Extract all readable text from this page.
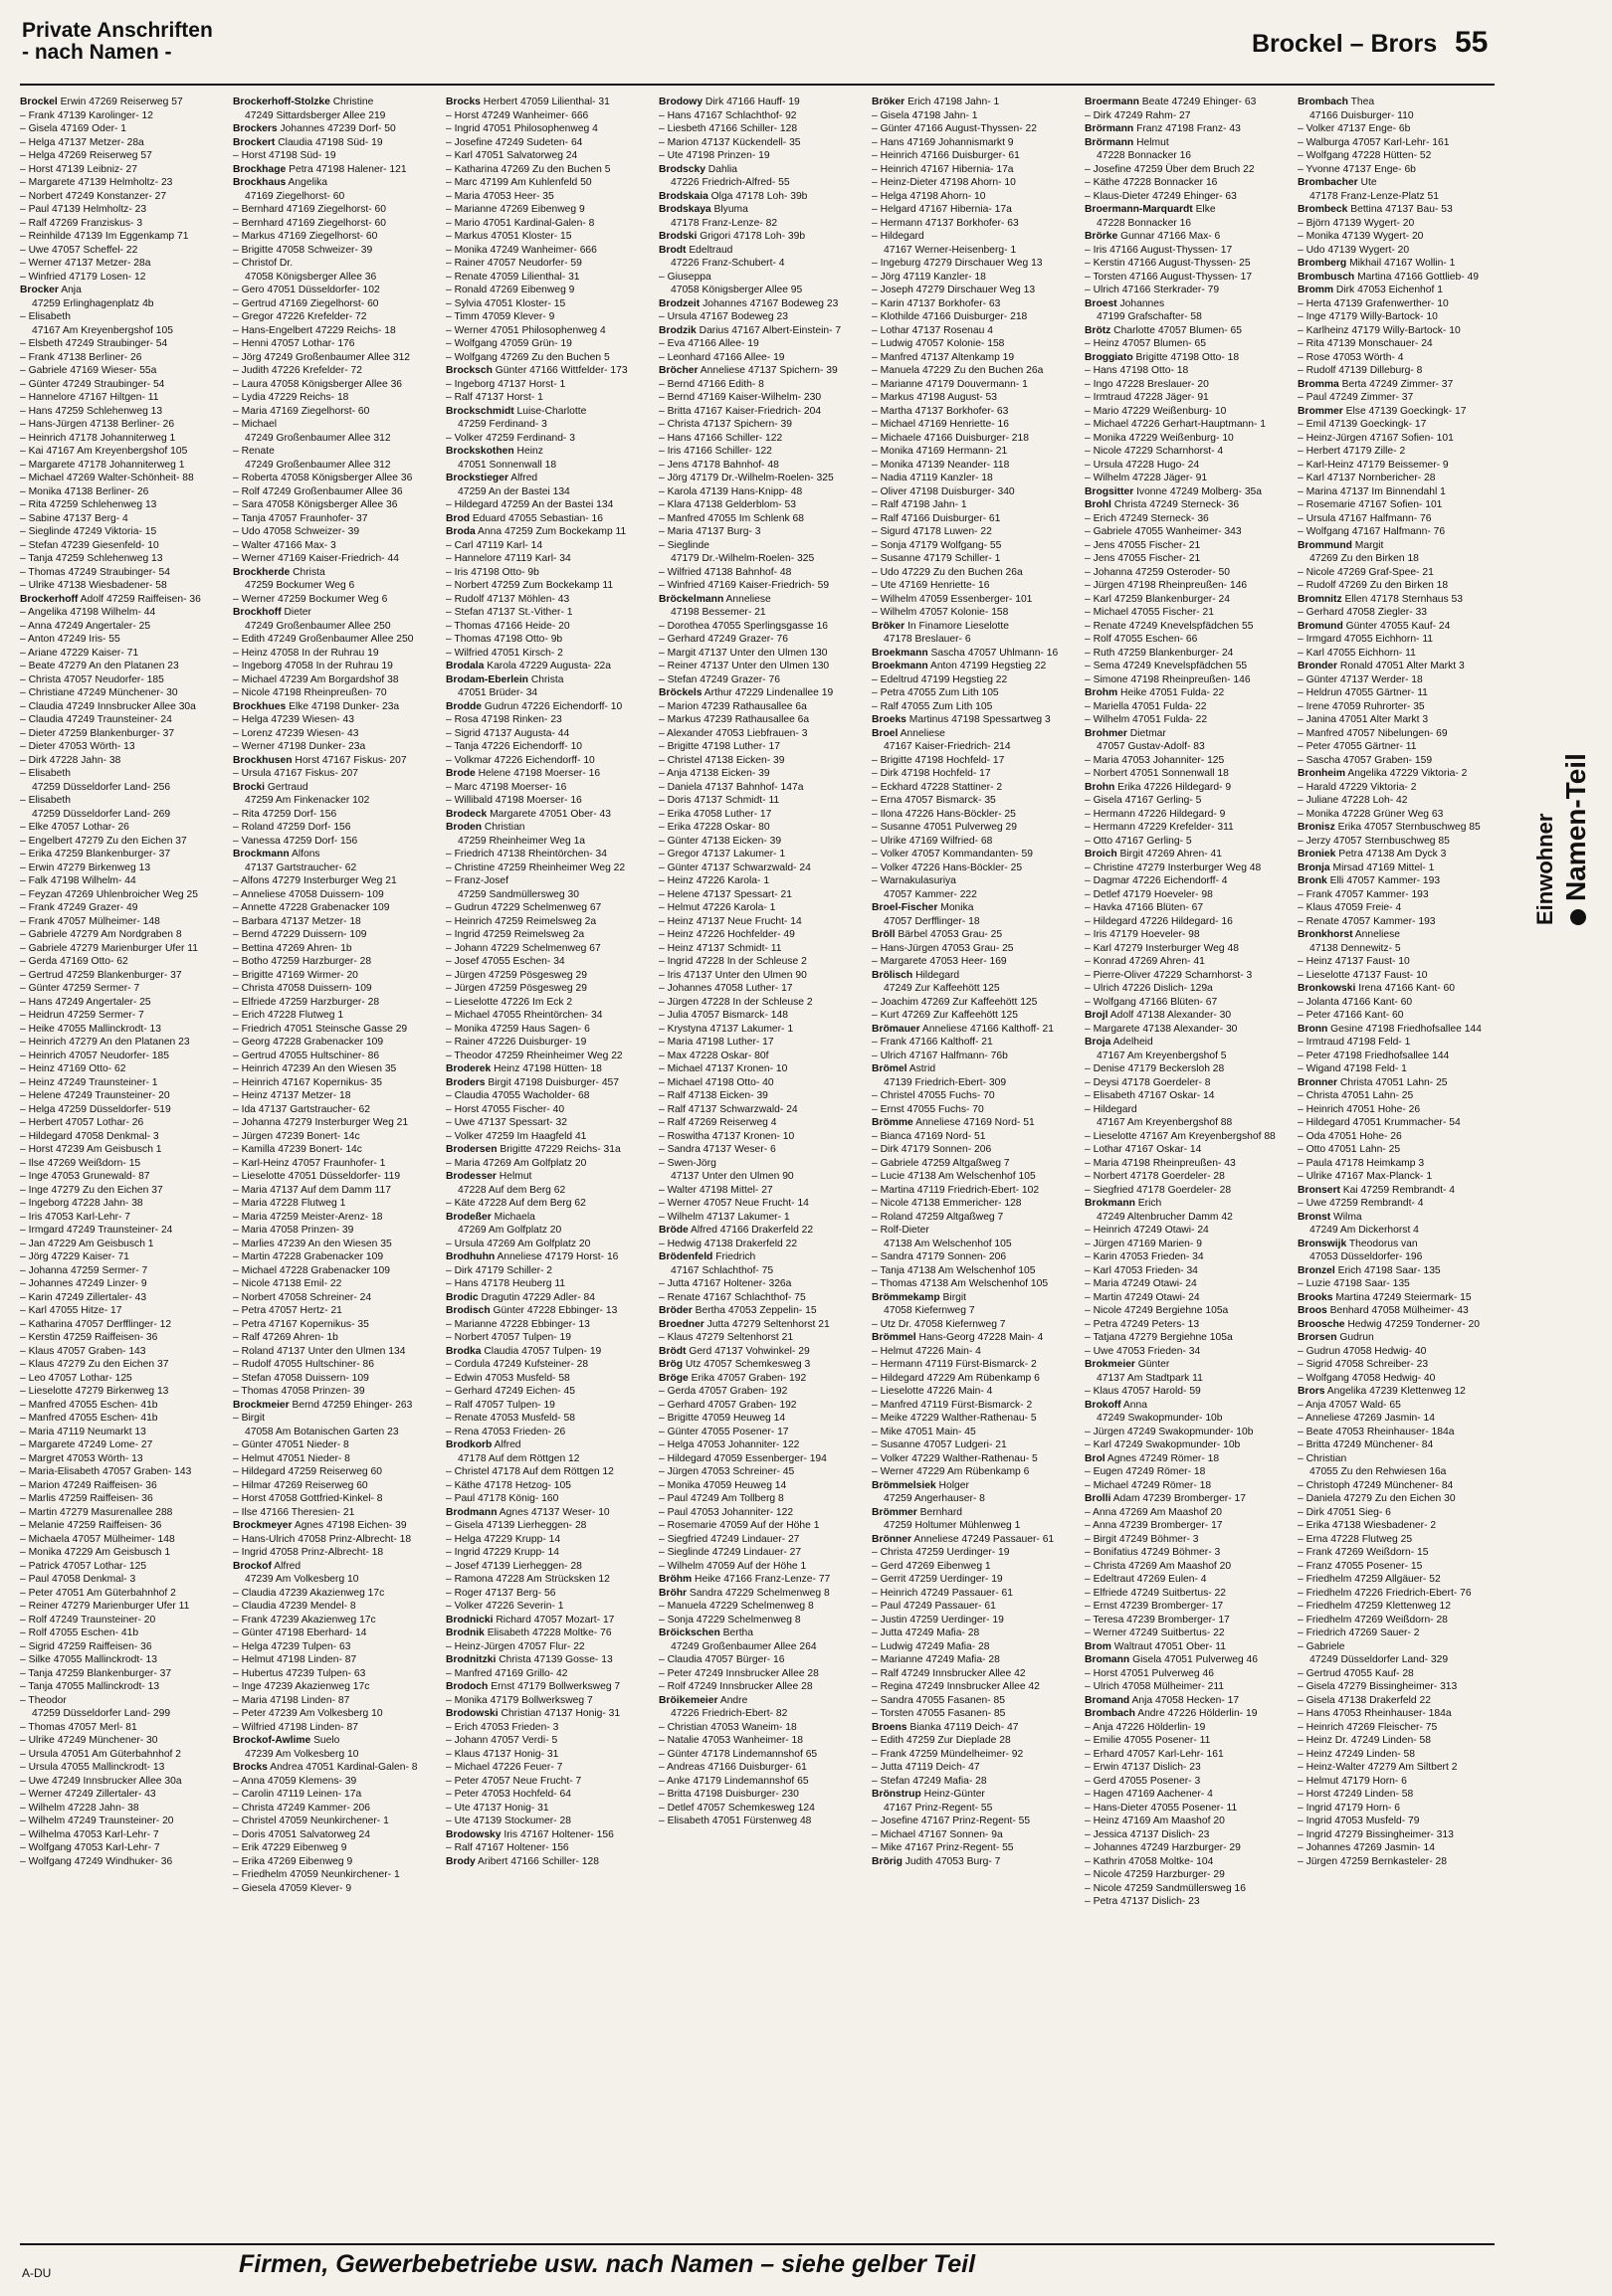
Private Anschriften
- nach Namen -	Brockel – Brors 55
Brockel Erwin 47269 Reiserweg 57
– Frank 47139 Karolinger- 12
– Gisela 47169 Oder- 1
– Helga 47137 Metzer- 28a
– Helga 47269 Reiserweg 57
– Horst 47139 Leibniz- 27
– Margarete 47139 Helmholtz- 23
– Norbert 47249 Konstanzer- 27
– Paul 47139 Helmholtz- 23
– Ralf 47269 Franziskus- 3
– Reinhilde 47139 Im Eggenkamp 71
– Uwe 47057 Scheffel- 22
– Werner 47137 Metzer- 28a
– Winfried 47179 Losen- 12
Brocker Anja
47259 Erlinghagenplatz 4b
– Elisabeth
47167 Am Kreyenbergshof 105
– Elsbeth 47249 Straubinger- 54
– Frank 47138 Berliner- 26
– Gabriele 47169 Wieser- 55a
– Günter 47249 Straubinger- 54
– Hannelore 47167 Hiltgen- 11
– Hans 47259 Schlehenweg 13
– Hans-Jürgen 47138 Berliner- 26
– Heinrich 47178 Johanniterweg 1
– Kai 47167 Am Kreyenbergshof 105
– Margarete 47178 Johanniterweg 1
– Michael 47269 Walter-Schönheit- 88
– Monika 47138 Berliner- 26
– Rita 47259 Schlehenweg 13
– Sabine 47137 Berg- 4
– Sieglinde 47249 Viktoria- 15
– Stefan 47239 Giesenfeld- 10
– Tanja 47259 Schlehenweg 13
– Thomas 47249 Straubinger- 54
– Ulrike 47138 Wiesbadener- 58
Brockerhoff Adolf 47259 Raiffeisen- 36
– Angelika 47198 Wilhelm- 44
– Anna 47249 Angertaler- 25
– Anton 47249 Iris- 55
– Ariane 47229 Kaiser- 71
– Beate 47279 An den Platanen 23
– Christa 47057 Neudorfer- 185
– Christiane 47249 Münchener- 30
– Claudia 47249 Innsbrucker Allee 30a
– Claudia 47249 Traunsteiner- 24
– Dieter 47259 Blankenburger- 37
– Dieter 47053 Wörth- 13
– Dirk 47228 Jahn- 38
– Elisabeth
47259 Düsseldorfer Land- 256
– Elisabeth
47259 Düsseldorfer Land- 269
– Elke 47057 Lothar- 26
– Engelbert 47279 Zu den Eichen 37
– Erika 47259 Blankenburger- 37
– Erwin 47279 Birkenweg 13
– Falk 47198 Wilhelm- 44
– Feyzan 47269 Uhlenbroicher Weg 25
– Frank 47249 Grazer- 49
– Frank 47057 Mülheimer- 148
– Gabriele 47279 Am Nordgraben 8
– Gabriele 47279 Marienburger Ufer 11
– Gerda 47169 Otto- 62
– Gertrud 47259 Blankenburger- 37
– Günter 47259 Sermer- 7
– Hans 47249 Angertaler- 25
– Heidrun 47259 Sermer- 7
– Heike 47055 Mallinckrodt- 13
– Heinrich 47279 An den Platanen 23
– Heinrich 47057 Neudorfer- 185
– Heinz 47169 Otto- 62
– Heinz 47249 Traunsteiner- 1
– Helene 47249 Traunsteiner- 20
– Helga 47259 Düsseldorfer- 519
– Herbert 47057 Lothar- 26
– Hildegard 47058 Denkmal- 3
– Horst 47239 Am Geisbusch 1
– Ilse 47269 Weißdorn- 15
– Inge 47053 Grunewald- 87
– Inge 47279 Zu den Eichen 37
– Ingeborg 47228 Jahn- 38
– Iris 47053 Karl-Lehr- 7
– Irmgard 47249 Traunsteiner- 24
– Jan 47229 Am Geisbusch 1
– Jörg 47229 Kaiser- 71
– Johanna 47259 Sermer- 7
– Johannes 47249 Linzer- 9
– Karin 47249 Zillertaler- 43
– Karl 47055 Hitze- 17
– Katharina 47057 Derfflinger- 12
– Kerstin 47259 Raiffeisen- 36
– Klaus 47057 Graben- 143
– Klaus 47279 Zu den Eichen 37
– Leo 47057 Lothar- 125
– Lieselotte 47279 Birkenweg 13
– Manfred 47055 Eschen- 41b
– Manfred 47055 Eschen- 41b
– Maria 47119 Neumarkt 13
– Margarete 47249 Lome- 27
– Margret 47053 Wörth- 13
– Maria-Elisabeth 47057 Graben- 143
– Marion 47249 Raiffeisen- 36
– Marlis 47259 Raiffeisen- 36
– Martin 47279 Masurenallee 288
– Melanie 47259 Raiffeisen- 36
– Michaela 47057 Mülheimer- 148
– Monika 47229 Am Geisbusch 1
– Patrick 47057 Lothar- 125
– Paul 47058 Denkmal- 3
– Peter 47051 Am Güterbahnhof 2
– Reiner 47279 Marienburger Ufer 11
– Rolf 47249 Traunsteiner- 20
– Rolf 47055 Eschen- 41b
– Sigrid 47259 Raiffeisen- 36
– Silke 47055 Mallinckrodt- 13
– Tanja 47259 Blankenburger- 37
– Tanja 47055 Mallinckrodt- 13
– Theodor
47259 Düsseldorfer Land- 299
– Thomas 47057 Merl- 81
– Ulrike 47249 Münchener- 30
– Ursula 47051 Am Güterbahnhof 2
– Ursula 47055 Mallinckrodt- 13
– Uwe 47249 Innsbrucker Allee 30a
– Werner 47249 Zillertaler- 43
– Wilhelm 47228 Jahn- 38
– Wilhelm 47249 Traunsteiner- 20
– Wilhelma 47053 Karl-Lehr- 7
– Wolfgang 47053 Karl-Lehr- 7
– Wolfgang 47249 Windhuker- 36
Brockerhoff-Stolzke Christine
47249 Sittardsberger Allee 219
Brockers Johannes 47239 Dorf- 50
Brockert Claudia 47198 Süd- 19
– Horst 47198 Süd- 19
Brockhage Petra 47198 Halener- 121
Brockhaus Angelika
47169 Ziegelhorst- 60
– Bernhard 47169 Ziegelhorst- 60
– Bernhard 47169 Ziegelhorst- 60
– Markus 47169 Ziegelhorst- 60
– Brigitte 47058 Schweizer- 39
– Christof Dr.
47058 Königsberger Allee 36
– Gero 47051 Düsseldorfer- 102
– Gertrud 47169 Ziegelhorst- 60
– Gregor 47226 Krefelder- 72
– Hans-Engelbert 47229 Reichs- 18
– Henni 47057 Lothar- 176
– Jörg 47249 Großenbaumer Allee 312
– Judith 47226 Krefelder- 72
– Laura 47058 Königsberger Allee 36
– Lydia 47229 Reichs- 18
– Maria 47169 Ziegelhorst- 60
– Michael
47249 Großenbaumer Allee 312
– Renate
47249 Großenbaumer Allee 312
– Roberta 47058 Königsberger Allee 36
– Rolf 47249 Großenbaumer Allee 36
– Sara 47058 Königsberger Allee 36
– Tanja 47057 Fraunhofer- 37
– Udo 47058 Schweizer- 39
– Walter 47166 Max- 3
– Werner 47169 Kaiser-Friedrich- 44
Brockherde Christa
47259 Bockumer Weg 6
– Werner 47259 Bockumer Weg 6
Brockhoff Dieter
47249 Großenbaumer Allee 250
– Edith 47249 Großenbaumer Allee 250
– Heinz 47058 In der Ruhrau 19
– Ingeborg 47058 In der Ruhrau 19
– Michael 47239 Am Borgardshof 38
– Nicole 47198 Rheinpreußen- 70
Brockhues Elke 47198 Dunker- 23a
– Helga 47239 Wiesen- 43
– Lorenz 47239 Wiesen- 43
– Werner 47198 Dunker- 23a
Brockhusen Horst 47167 Fiskus- 207
– Ursula 47167 Fiskus- 207
Brocki Gertraud
47259 Am Finkenacker 102
– Rita 47259 Dorf- 156
– Roland 47259 Dorf- 156
– Vanessa 47259 Dorf- 156
Brockmann Alfons
47137 Gartstraucher- 62
– Alfons 47279 Insterburger Weg 21
– Anneliese 47058 Duissern- 109
– Annette 47228 Grabenacker 109
– Barbara 47137 Metzer- 18
– Bernd 47229 Duissern- 109
– Bettina 47269 Ahren- 1b
– Botho 47259 Harzburger- 28
– Brigitte 47169 Wirmer- 20
– Christa 47058 Duissern- 109
– Elfriede 47259 Harzburger- 28
– Erich 47228 Flutweg 1
– Friedrich 47051 Steinsche Gasse 29
– Georg 47228 Grabenacker 109
– Gertrud 47055 Hultschiner- 86
– Heinrich 47239 An den Wiesen 35
– Heinrich 47167 Kopernikus- 35
– Heinz 47137 Metzer- 18
– Ida 47137 Gartstraucher- 62
– Johanna 47279 Insterburger Weg 21
– Jürgen 47239 Bonert- 14c
– Kamilla 47239 Bonert- 14c
– Karl-Heinz 47057 Fraunhofer- 1
– Lieselotte 47051 Düsseldorfer- 119
– Maria 47137 Auf dem Damm 117
– Maria 47228 Flutweg 1
– Maria 47259 Meister-Arenz- 18
– Maria 47058 Prinzen- 39
– Marlies 47239 An den Wiesen 35
– Martin 47228 Grabenacker 109
– Michael 47228 Grabenacker 109
– Nicole 47138 Emil- 22
– Norbert 47058 Schreiner- 24
– Petra 47057 Hertz- 21
– Petra 47167 Kopernikus- 35
– Ralf 47269 Ahren- 1b
– Roland 47137 Unter den Ulmen 134
– Rudolf 47055 Hultschiner- 86
– Stefan 47058 Duissern- 109
– Thomas 47058 Prinzen- 39
Brockmeier Bernd 47259 Ehinger- 263
– Birgit
47058 Am Botanischen Garten 23
– Günter 47051 Nieder- 8
– Helmut 47051 Nieder- 8
– Hildegard 47259 Reiserweg 60
– Hilmar 47269 Reiserweg 60
– Horst 47058 Gottfried-Kinkel- 8
– Ilse 47166 Theresien- 21
Brockmeyer Agnes 47198 Eichen- 39
– Hans-Ulrich 47058 Prinz-Albrecht- 18
– Ingrid 47058 Prinz-Albrecht- 18
Brockof Alfred
47239 Am Volkesberg 10
– Claudia 47239 Akazienweg 17c
– Claudia 47239 Mendel- 8
– Frank 47239 Akazienweg 17c
– Günter 47198 Eberhard- 14
– Helga 47239 Tulpen- 63
– Helmut 47198 Linden- 87
– Hubertus 47239 Tulpen- 63
– Inge 47239 Akazienweg 17c
– Maria 47198 Linden- 87
– Peter 47239 Am Volkesberg 10
– Wilfried 47198 Linden- 87
Brockof-Awlime Suelo
47239 Am Volkesberg 10
Brocks Andrea 47051 Kardinal-Galen- 8
– Anna 47059 Klemens- 39
– Carolin 47119 Leinen- 17a
– Christa 47249 Kammer- 206
– Christel 47059 Neunkirchener- 1
– Doris 47051 Salvatorweg 24
– Erik 47229 Eibenweg 9
– Erika 47269 Eibenweg 9
– Friedhelm 47059 Neunkirchener- 1
– Giesela 47059 Klever- 9
Brocks Herbert 47059 Lilienthal- 31
– Horst 47249 Wanheimer- 666
– Ingrid 47051 Philosophenweg 4
– Josefine 47249 Sudeten- 64
– Karl 47051 Salvatorweg 24
– Katharina 47269 Zu den Buchen 5
– Marc 47199 Am Kuhlenfeld 50
– Maria 47053 Heer- 35
– Marianne 47269 Eibenweg 9
– Mario 47051 Kardinal-Galen- 8
– Markus 47051 Kloster- 15
– Monika 47249 Wanheimer- 666
– Rainer 47057 Neudorfer- 59
– Renate 47059 Lilienthal- 31
– Ronald 47269 Eibenweg 9
– Sylvia 47051 Kloster- 15
– Timm 47059 Klever- 9
– Werner 47051 Philosophenweg 4
– Wolfgang 47059 Grün- 19
– Wolfgang 47269 Zu den Buchen 5
Brocksch Günter 47166 Wittfelder- 173
– Ingeborg 47137 Horst- 1
– Ralf 47137 Horst- 1
Brockschmidt Luise-Charlotte
47259 Ferdinand- 3
– Volker 47259 Ferdinand- 3
Brockskothen Heinz
47051 Sonnenwall 18
Brockstieger Alfred
47259 An der Bastei 134
– Hildegard 47259 An der Bastei 134
Brod Eduard 47055 Sebastian- 16
Broda Anna 47259 Zum Bockekamp 11
– Carl 47119 Karl- 14
– Hannelore 47119 Karl- 34
– Iris 47198 Otto- 9b
– Norbert 47259 Zum Bockekamp 11
– Rudolf 47137 Möhlen- 43
– Stefan 47137 St.-Vither- 1
– Thomas 47166 Heide- 20
– Thomas 47198 Otto- 9b
– Wilfried 47051 Kirsch- 2
Brodala Karola 47229 Augusta- 22a
Brodam-Eberlein Christa
47051 Brüder- 34
Brodde Gudrun 47226 Eichendorff- 10
– Rosa 47198 Rinken- 23
– Sigrid 47137 Augusta- 44
– Tanja 47226 Eichendorff- 10
– Volkmar 47226 Eichendorff- 10
Brode Helene 47198 Moerser- 16
– Marc 47198 Moerser- 16
– Willibald 47198 Moerser- 16
Brodeck Margarete 47051 Ober- 43
Broden Christian
47259 Rheinheimer Weg 1a
– Friedrich 47138 Rheintörchen- 34
– Christine 47259 Rheinheimer Weg 22
– Franz-Josef
47259 Sandmüllersweg 30
– Gudrun 47229 Schelmenweg 67
– Heinrich 47259 Reimelsweg 2a
– Ingrid 47259 Reimelsweg 2a
– Johann 47229 Schelmenweg 67
– Josef 47055 Eschen- 34
– Jürgen 47259 Pösgesweg 29
– Jürgen 47259 Pösgesweg 29
– Lieselotte 47226 Im Eck 2
– Michael 47055 Rheintörchen- 34
– Monika 47259 Haus Sagen- 6
– Rainer 47226 Duisburger- 19
– Theodor 47259 Rheinheimer Weg 22
Broderek Heinz 47198 Hütten- 18
Broders Birgit 47198 Duisburger- 457
– Claudia 47055 Wacholder- 68
– Horst 47055 Fischer- 40
– Uwe 47137 Spessart- 32
– Volker 47259 Im Haagfeld 41
Brodersen Brigitte 47229 Reichs- 31a
– Maria 47269 Am Golfplatz 20
Brodesser Helmut
47228 Auf dem Berg 62
– Käte 47228 Auf dem Berg 62
Brodeßer Michaela
47269 Am Golfplatz 20
– Ursula 47269 Am Golfplatz 20
Brodhuhn Anneliese 47179 Horst- 16
– Dirk 47179 Schiller- 2
– Hans 47178 Heuberg 11
Brodic Dragutin 47229 Adler- 84
Brodisch Günter 47228 Ebbinger- 13
– Marianne 47228 Ebbinger- 13
– Norbert 47057 Tulpen- 19
Brodka Claudia 47057 Tulpen- 19
– Cordula 47249 Kufsteiner- 28
– Edwin 47053 Musfeld- 58
– Gerhard 47249 Eichen- 45
– Ralf 47057 Tulpen- 19
– Renate 47053 Musfeld- 58
– Rena 47053 Frieden- 26
Brodkorb Alfred
47178 Auf dem Röttgen 12
– Christel 47178 Auf dem Röttgen 12
– Käthe 47178 Hetzog- 105
– Paul 47178 König- 160
Brodmann Agnes 47137 Weser- 10
– Gisela 47139 Lierheggen- 28
– Helga 47229 Krupp- 14
– Ingrid 47229 Krupp- 14
– Josef 47139 Lierheggen- 28
– Ramona 47228 Am Strücksken 12
– Roger 47137 Berg- 56
– Volker 47226 Severin- 1
Brodnicki Richard 47057 Mozart- 17
Brodnik Elisabeth 47228 Moltke- 76
– Heinz-Jürgen 47057 Flur- 22
Brodnitzki Christa 47139 Gosse- 13
– Manfred 47169 Grillo- 42
Brodoch Ernst 47179 Bollwerksweg 7
– Monika 47179 Bollwerksweg 7
Brodowski Christian 47137 Honig- 31
– Erich 47053 Frieden- 3
– Johann 47057 Verdi- 5
– Klaus 47137 Honig- 31
– Michael 47226 Feuer- 7
– Peter 47057 Neue Frucht- 7
– Peter 47053 Hochfeld- 64
– Ute 47137 Honig- 31
– Ute 47139 Stockumer- 28
Brodowsky Iris 47167 Holtener- 156
– Ralf 47167 Holtener- 156
Brody Aribert 47166 Schiller- 128
Brodowy Dirk 47166 Hauff- 19
– Hans 47167 Schlachthof- 92
– Liesbeth 47166 Schiller- 128
– Marion 47137 Kückendell- 35
– Ute 47198 Prinzen- 19
Brodscky Dahlia
47226 Friedrich-Alfred- 55
Brodskaia Olga 47178 Loh- 39b
Brodskaya Blyuma
47178 Franz-Lenze- 82
Brodski Grigori 47178 Loh- 39b
Brodt Edeltraud
47226 Franz-Schubert- 4
– Giuseppa
47058 Königsberger Allee 95
Brodzeit Johannes 47167 Bodeweg 23
– Ursula 47167 Bodeweg 23
Brodzik Darius 47167 Albert-Einstein- 7
– Eva 47166 Allee- 19
– Leonhard 47166 Allee- 19
Bröcher Anneliese 47137 Spichern- 39
– Bernd 47166 Edith- 8
– Bernd 47169 Kaiser-Wilhelm- 230
– Britta 47167 Kaiser-Friedrich- 204
– Christa 47137 Spichern- 39
– Hans 47166 Schiller- 122
– Iris 47166 Schiller- 122
– Jens 47178 Bahnhof- 48
– Jörg 47179 Dr.-Wilhelm-Roelen- 325
– Karola 47139 Hans-Knipp- 48
– Klara 47138 Gelderblom- 53
– Manfred 47055 Im Schlenk 68
– Maria 47137 Burg- 3
– Sieglinde
47179 Dr.-Wilhelm-Roelen- 325
– Wilfried 47138 Bahnhof- 48
– Winfried 47169 Kaiser-Friedrich- 59
Bröckelmann Anneliese
47198 Bessemer- 21
– Dorothea 47055 Sperlingsgasse 16
– Gerhard 47249 Grazer- 76
– Margit 47137 Unter den Ulmen 130
– Reiner 47137 Unter den Ulmen 130
– Stefan 47249 Grazer- 76
Bröckels Arthur 47229 Lindenallee 19
– Marion 47239 Rathausallee 6a
– Markus 47239 Rathausallee 6a
– Alexander 47053 Liebfrauen- 3
– Brigitte 47198 Luther- 17
– Christel 47138 Eicken- 39
– Anja 47138 Eicken- 39
– Daniela 47137 Bahnhof- 147a
– Doris 47137 Schmidt- 11
– Erika 47058 Luther- 17
– Erika 47228 Oskar- 80
– Günter 47138 Eicken- 39
– Gregor 47137 Lakumer- 1
– Günter 47137 Schwarzwald- 24
– Heinz 47226 Karola- 1
– Helene 47137 Spessart- 21
– Helmut 47226 Karola- 1
– Heinz 47137 Neue Frucht- 14
– Heinz 47226 Hochfelder- 49
– Heinz 47137 Schmidt- 11
– Ingrid 47228 In der Schleuse 2
– Iris 47137 Unter den Ulmen 90
– Johannes 47058 Luther- 17
– Jürgen 47228 In der Schleuse 2
– Julia 47057 Bismarck- 148
– Krystyna 47137 Lakumer- 1
– Maria 47198 Luther- 17
– Max 47228 Oskar- 80f
– Michael 47137 Kronen- 10
– Michael 47198 Otto- 40
– Ralf 47138 Eicken- 39
– Ralf 47137 Schwarzwald- 24
– Ralf 47269 Reiserweg 4
– Roswitha 47137 Kronen- 10
– Sandra 47137 Weser- 6
– Swen-Jörg
47137 Unter den Ulmen 90
– Walter 47198 Mittel- 27
– Werner 47057 Neue Frucht- 14
– Wilhelm 47137 Lakumer- 1
Bröde Alfred 47166 Drakerfeld 22
– Hedwig 47138 Drakerfeld 22
Brödenfeld Friedrich
47167 Schlachthof- 75
– Jutta 47167 Holtener- 326a
– Renate 47167 Schlachthof- 75
Bröder Bertha 47053 Zeppelin- 15
Broedner Jutta 47279 Seltenhorst 21
– Klaus 47279 Seltenhorst 21
Brödt Gerd 47137 Vohwinkel- 29
Brög Utz 47057 Schemkesweg 3
Bröge Erika 47057 Graben- 192
– Gerda 47057 Graben- 192
– Gerhard 47057 Graben- 192
– Brigitte 47059 Heuweg 14
– Günter 47055 Posener- 17
– Helga 47053 Johanniter- 122
– Hildegard 47059 Essenberger- 194
– Jürgen 47053 Schreiner- 45
– Monika 47059 Heuweg 14
– Paul 47249 Am Tollberg 8
– Paul 47053 Johanniter- 122
– Rosemarie 47059 Auf der Höhe 1
– Siegfried 47249 Lindauer- 27
– Sieglinde 47249 Lindauer- 27
– Wilhelm 47059 Auf der Höhe 1
Bröhm Heike 47166 Franz-Lenze- 77
Bröhr Sandra 47229 Schelmenweg 8
– Manuela 47229 Schelmenweg 8
– Sonja 47229 Schelmenweg 8
Bröickschen Bertha
47249 Großenbaumer Allee 264
– Claudia 47057 Bürger- 16
– Peter 47249 Innsbrucker Allee 28
– Rolf 47249 Innsbrucker Allee 28
Bröikemeier Andre
47226 Friedrich-Ebert- 82
– Christian 47053 Waneim- 18
– Natalie 47053 Wanheimer- 18
– Günter 47178 Lindemannshof 65
– Andreas 47166 Duisburger- 61
– Anke 47179 Lindemannshof 65
– Britta 47198 Duisburger- 230
– Detlef 47057 Schemkesweg 124
– Elisabeth 47051 Fürstenweg 48
Bröker Erich 47198 Jahn- 1
– Gisela 47198 Jahn- 1
– Günter 47166 August-Thyssen- 22
– Hans 47169 Johannismarkt 9
– Heinrich 47166 Duisburger- 61
– Heinrich 47167 Hibernia- 17a
– Heinz-Dieter 47198 Ahorn- 10
– Helga 47198 Ahorn- 10
– Helgard 47167 Hibernia- 17a
– Hermann 47137 Borkhofer- 63
– Hildegard
47167 Werner-Heisenberg- 1
– Ingeburg 47279 Dirschauer Weg 13
– Jörg 47119 Kanzler- 18
– Joseph 47279 Dirschauer Weg 13
– Karin 47137 Borkhofer- 63
– Klothilde 47166 Duisburger- 218
– Lothar 47137 Rosenau 4
– Ludwig 47057 Kolonie- 158
– Manfred 47137 Altenkamp 19
– Manuela 47229 Zu den Buchen 26a
– Marianne 47179 Douvermann- 1
– Markus 47198 August- 53
– Martha 47137 Borkhofer- 63
– Michael 47169 Henriette- 16
– Michaele 47166 Duisburger- 218
– Monika 47169 Hermann- 21
– Monika 47139 Neander- 118
– Nadia 47119 Kanzler- 18
– Oliver 47198 Duisburger- 340
– Ralf 47198 Jahn- 1
– Ralf 47166 Duisburger- 61
– Sigurd 47178 Luwen- 22
– Sonja 47179 Wolfgang- 55
– Susanne 47179 Schiller- 1
– Udo 47229 Zu den Buchen 26a
– Ute 47169 Henriette- 16
– Wilhelm 47059 Essenberger- 101
– Wilhelm 47057 Kolonie- 158
Bröker In Finamore Lieselotte
47178 Breslauer- 6
Broekmann Sascha 47057 Uhlmann- 16
Broekmann Anton 47199 Hegstieg 22
– Edeltrud 47199 Hegstieg 22
– Petra 47055 Zum Lith 105
– Ralf 47055 Zum Lith 105
Broeks Martinus 47198 Spessartweg 3
Broel Anneliese
47167 Kaiser-Friedrich- 214
– Brigitte 47198 Hochfeld- 17
– Dirk 47198 Hochfeld- 17
– Eckhard 47228 Stattiner- 2
– Erna 47057 Bismarck- 35
– Ilona 47226 Hans-Böckler- 25
– Susanne 47051 Pulverweg 29
– Ulrike 47169 Wilfried- 68
– Volker 47057 Kommandanten- 59
– Volker 47226 Hans-Böckler- 25
– Warnakulasuriya
47057 Kammer- 222
Broel-Fischer Monika
47057 Derfflinger- 18
Bröll Bärbel 47053 Grau- 25
– Hans-Jürgen 47053 Grau- 25
– Margarete 47053 Heer- 169
Brölisch Hildegard
47249 Zur Kaffeehött 125
– Joachim 47269 Zur Kaffeehött 125
– Kurt 47269 Zur Kaffeehött 125
Brömauer Anneliese 47166 Kalthoff- 21
– Frank 47166 Kalthoff- 21
– Ulrich 47167 Halfmann- 76b
Brömel Astrid
47139 Friedrich-Ebert- 309
– Christel 47055 Fuchs- 70
– Ernst 47055 Fuchs- 70
Brömme Anneliese 47169 Nord- 51
– Bianca 47169 Nord- 51
– Dirk 47179 Sonnen- 206
– Gabriele 47259 Altgaßweg 7
– Lucie 47138 Am Welschenhof 105
– Martina 47119 Friedrich-Ebert- 102
– Nicole 47138 Emmericher- 128
– Roland 47259 Altgaßweg 7
– Rolf-Dieter
47138 Am Welschenhof 105
– Sandra 47179 Sonnen- 206
– Tanja 47138 Am Welschenhof 105
– Thomas 47138 Am Welschenhof 105
Brömmekamp Birgit
47058 Kiefernweg 7
– Utz Dr. 47058 Kiefernweg 7
Brömmel Hans-Georg 47228 Main- 4
– Helmut 47226 Main- 4
– Hermann 47119 Fürst-Bismarck- 2
– Hildegard 47229 Am Rübenkamp 6
– Lieselotte 47226 Main- 4
– Manfred 47119 Fürst-Bismarck- 2
– Meike 47229 Walther-Rathenau- 5
– Mike 47051 Main- 45
– Susanne 47057 Ludgeri- 21
– Volker 47229 Walther-Rathenau- 5
– Werner 47229 Am Rübenkamp 6
Brömmelsiek Holger
47259 Angerhauser- 8
Brömmer Bernhard
47259 Holtumer Mühlenweg 1
Brönner Anneliese 47249 Passauer- 61
– Christa 47259 Uerdinger- 19
– Gerd 47269 Eibenweg 1
– Gerrit 47259 Uerdinger- 19
– Heinrich 47249 Passauer- 61
– Paul 47249 Passauer- 61
– Justin 47259 Uerdinger- 19
– Jutta 47249 Mafia- 28
– Ludwig 47249 Mafia- 28
– Marianne 47249 Mafia- 28
– Ralf 47249 Innsbrucker Allee 42
– Regina 47249 Innsbrucker Allee 42
– Sandra 47055 Fasanen- 85
– Torsten 47055 Fasanen- 85
Broens Bianka 47119 Deich- 47
– Edith 47259 Zur Dieplade 28
– Frank 47259 Mündelheimer- 92
– Jutta 47119 Deich- 47
– Stefan 47249 Mafia- 28
Brönstrup Heinz-Günter
47167 Prinz-Regent- 55
– Josefine 47167 Prinz-Regent- 55
– Michael 47167 Sonnen- 9a
– Mike 47167 Prinz-Regent- 55
Brörig Judith 47053 Burg- 7
Broermann Beate 47249 Ehinger- 63
– Dirk 47249 Rahm- 27
Brörmann Franz 47198 Franz- 43
Brörmann Helmut
47228 Bonnacker 16
– Josefine 47259 Über dem Bruch 22
– Käthe 47228 Bonnacker 16
– Klaus-Dieter 47249 Ehinger- 63
Broermann-Marquardt Elke
47228 Bonnacker 16
Brörke Gunnar 47166 Max- 6
– Iris 47166 August-Thyssen- 17
– Kerstin 47166 August-Thyssen- 25
– Torsten 47166 August-Thyssen- 17
– Ulrich 47166 Sterkrader- 79
Broest Johannes
47199 Grafschafter- 58
Brötz Charlotte 47057 Blumen- 65
– Heinz 47057 Blumen- 65
Broggiato Brigitte 47198 Otto- 18
– Hans 47198 Otto- 18
– Ingo 47228 Breslauer- 20
– Irmtraud 47228 Jäger- 91
– Mario 47229 Weißenburg- 10
– Michael 47226 Gerhart-Hauptmann- 1
– Monika 47229 Weißenburg- 10
– Nicole 47229 Scharnhorst- 4
– Ursula 47228 Hugo- 24
– Wilhelm 47228 Jäger- 91
Brogsitter Ivonne 47249 Molberg- 35a
Brohl Christa 47249 Sterneck- 36
– Erich 47249 Sterneck- 36
– Gabriele 47055 Wanheimer- 343
– Jens 47055 Fischer- 21
– Jens 47055 Fischer- 21
– Johanna 47259 Osteroder- 50
– Jürgen 47198 Rheinpreußen- 146
– Karl 47259 Blankenburger- 24
– Michael 47055 Fischer- 21
– Renate 47249 Knevelspfädchen 55
– Rolf 47055 Eschen- 66
– Ruth 47259 Blankenburger- 24
– Sema 47249 Knevelspfädchen 55
– Simone 47198 Rheinpreußen- 146
Brohm Heike 47051 Fulda- 22
– Mariella 47051 Fulda- 22
– Wilhelm 47051 Fulda- 22
Brohmer Dietmar
47057 Gustav-Adolf- 83
– Maria 47053 Johanniter- 125
– Norbert 47051 Sonnenwall 18
Brohn Erika 47226 Hildegard- 9
– Gisela 47167 Gerling- 5
– Hermann 47226 Hildegard- 9
– Hermann 47229 Krefelder- 311
– Otto 47167 Gerling- 5
Broich Birgit 47269 Ahren- 41
– Christine 47279 Insterburger Weg 48
– Dagmar 47226 Eichendorff- 4
– Detlef 47179 Hoeveler- 98
– Havka 47166 Blüten- 67
– Hildegard 47226 Hildegard- 16
– Iris 47179 Hoeveler- 98
– Karl 47279 Insterburger Weg 48
– Konrad 47269 Ahren- 41
– Pierre-Oliver 47229 Scharnhorst- 3
– Ulrich 47226 Dislich- 129a
– Wolfgang 47166 Blüten- 67
Brojl Adolf 47138 Alexander- 30
– Margarete 47138 Alexander- 30
Broja Adelheid
47167 Am Kreyenbergshof 5
– Denise 47179 Beckersloh 28
– Deysi 47178 Goerdeler- 8
– Elisabeth 47167 Oskar- 14
– Hildegard
47167 Am Kreyenbergshof 88
– Lieselotte 47167 Am Kreyenbergshof 88
– Lothar 47167 Oskar- 14
– Maria 47198 Rheinpreußen- 43
– Norbert 47178 Goerdeler- 28
– Siegfried 47178 Goerdeler- 28
Brokmann Erich
47249 Altenbrucher Damm 42
– Heinrich 47249 Otawi- 24
– Jürgen 47169 Marien- 9
– Karin 47053 Frieden- 34
– Karl 47053 Frieden- 34
– Maria 47249 Otawi- 24
– Martin 47249 Otawi- 24
– Nicole 47249 Bergiehne 105a
– Petra 47249 Peters- 13
– Tatjana 47279 Bergiehne 105a
– Uwe 47053 Frieden- 34
Brokmeier Günter
47137 Am Stadtpark 11
– Klaus 47057 Harold- 59
Brokoff Anna
47249 Swakopmunder- 10b
– Jürgen 47249 Swakopmunder- 10b
– Karl 47249 Swakopmunder- 10b
Brol Agnes 47249 Römer- 18
– Eugen 47249 Römer- 18
– Michael 47249 Römer- 18
Brolli Adam 47239 Bromberger- 17
– Anna 47269 Am Maashof 20
– Anna 47239 Bromberger- 17
– Birgit 47249 Böhmer- 3
– Bonifatius 47249 Böhmer- 3
– Christa 47269 Am Maashof 20
– Edeltraut 47269 Eulen- 4
– Elfriede 47249 Suitbertus- 22
– Ernst 47239 Bromberger- 17
– Teresa 47239 Bromberger- 17
– Werner 47249 Suitbertus- 22
Brom Waltraut 47051 Ober- 11
Bromann Gisela 47051 Pulverweg 46
– Horst 47051 Pulverweg 46
– Ulrich 47058 Mülheimer- 211
Bromand Anja 47058 Hecken- 17
Brombach Andre 47226 Hölderlin- 19
– Anja 47226 Hölderlin- 19
– Emilie 47055 Posener- 11
– Erhard 47057 Karl-Lehr- 161
– Erwin 47137 Dislich- 23
– Gerd 47055 Posener- 3
– Hagen 47169 Aachener- 4
– Hans-Dieter 47055 Posener- 11
– Heinz 47169 Am Maashof 20
– Jessica 47137 Dislich- 23
– Johannes 47249 Harzburger- 29
– Kathrin 47058 Moltke- 104
– Nicole 47259 Harzburger- 29
– Nicole 47259 Sandmüllersweg 16
– Petra 47137 Dislich- 23
Brombach Thea
47166 Duisburger- 110
– Volker 47137 Enge- 6b
– Walburga 47057 Karl-Lehr- 161
– Wolfgang 47228 Hütten- 52
– Yvonne 47137 Enge- 6b
Brombacher Ute
47178 Franz-Lenze-Platz 51
Brombeck Bettina 47137 Bau- 53
– Björn 47139 Wygert- 20
– Monika 47139 Wygert- 20
– Udo 47139 Wygert- 20
Bromberg Mikhail 47167 Wollin- 1
Brombusch Martina 47166 Gottlieb- 49
Bromm Dirk 47053 Eichenhof 1
– Herta 47139 Grafenwerther- 10
– Inge 47179 Willy-Bartock- 10
– Karlheinz 47179 Willy-Bartock- 10
– Rita 47139 Monschauer- 24
– Rose 47053 Wörth- 4
– Rudolf 47139 Dilleburg- 8
Bromma Berta 47249 Zimmer- 37
– Paul 47249 Zimmer- 37
Brommer Else 47139 Goeckingk- 17
– Emil 47139 Goeckingk- 17
– Heinz-Jürgen 47167 Sofien- 101
– Herbert 47179 Zille- 2
– Karl-Heinz 47179 Beissemer- 9
– Karl 47137 Nornbericher- 28
– Marina 47137 Im Binnendahl 1
– Rosemarie 47167 Sofien- 101
– Ursula 47167 Halfmann- 76
– Wolfgang 47167 Halfmann- 76
Brommund Margit
47269 Zu den Birken 18
– Nicole 47269 Graf-Spee- 21
– Rudolf 47269 Zu den Birken 18
Bromnitz Ellen 47178 Sternhaus 53
– Gerhard 47058 Ziegler- 33
Bromund Günter 47055 Kauf- 24
– Irmgard 47055 Eichhorn- 11
– Karl 47055 Eichhorn- 11
Bronder Ronald 47051 Alter Markt 3
– Günter 47137 Werder- 18
– Heldrun 47055 Gärtner- 11
– Irene 47059 Ruhrorter- 35
– Janina 47051 Alter Markt 3
– Manfred 47057 Nibelungen- 69
– Peter 47055 Gärtner- 11
– Sascha 47057 Graben- 159
Bronheim Angelika 47229 Viktoria- 2
– Harald 47229 Viktoria- 2
– Juliane 47228 Loh- 42
– Monika 47228 Grüner Weg 63
Bronisz Erika 47057 Sternbuschweg 85
– Jerzy 47057 Sternbuschweg 85
Broniek Petra 47138 Am Dyck 3
Bronja Mirsad 47169 Mittel- 1
Bronk Elli 47057 Kammer- 193
– Frank 47057 Kammer- 193
– Klaus 47059 Freie- 4
– Renate 47057 Kammer- 193
Bronkhorst Anneliese
47138 Dennewitz- 5
– Heinz 47137 Faust- 10
– Lieselotte 47137 Faust- 10
Bronkowski Irena 47166 Kant- 60
– Jolanta 47166 Kant- 60
– Peter 47166 Kant- 60
Bronn Gesine 47198 Friedhofsallee 144
– Irmtraud 47198 Feld- 1
– Peter 47198 Friedhofsallee 144
– Wigand 47198 Feld- 1
Bronner Christa 47051 Lahn- 25
– Christa 47051 Lahn- 25
– Heinrich 47051 Hohe- 26
– Hildegard 47051 Krummacher- 54
– Oda 47051 Hohe- 26
– Otto 47051 Lahn- 25
– Paula 47178 Heimkamp 3
– Ulrike 47167 Max-Planck- 1
Bronsert Kai 47259 Rembrandt- 4
– Uwe 47259 Rembrandt- 4
Bronst Wilma
47249 Am Dickerhorst 4
Bronswijk Theodorus van
47053 Düsseldorfer- 196
Bronzel Erich 47198 Saar- 135
– Luzie 47198 Saar- 135
Brooks Martina 47249 Steiermark- 15
Broos Benhard 47058 Mülheimer- 43
Broosche Hedwig 47259 Tonderner- 20
Brorsen Gudrun
– Gudrun 47058 Hedwig- 40
– Sigrid 47058 Schreiber- 23
– Wolfgang 47058 Hedwig- 40
Brors Angelika 47239 Klettenweg 12
– Anja 47057 Wald- 65
– Anneliese 47269 Jasmin- 14
– Beate 47053 Rheinhauser- 184a
– Britta 47249 Münchener- 84
– Christian
47055 Zu den Rehwiesen 16a
– Christoph 47249 Münchener- 84
– Daniela 47279 Zu den Eichen 30
– Dirk 47051 Sieg- 6
– Erika 47138 Wiesbadener- 2
– Erna 47228 Flutweg 25
– Frank 47269 Weißdorn- 15
– Franz 47055 Posener- 15
– Friedhelm 47259 Allgäuer- 52
– Friedhelm 47226 Friedrich-Ebert- 76
– Friedhelm 47259 Klettenweg 12
– Friedhelm 47269 Weißdorn- 28
– Friedrich 47269 Sauer- 2
– Gabriele
47249 Düsseldorfer Land- 329
– Gertrud 47055 Kauf- 28
– Gisela 47279 Bissingheimer- 313
– Gisela 47138 Drakerfeld 22
– Hans 47053 Rheinhauser- 184a
– Heinrich 47269 Fleischer- 75
– Heinz Dr. 47249 Linden- 58
– Heinz 47249 Linden- 58
– Heinz-Walter 47279 Am Siltbert 2
– Helmut 47179 Horn- 6
– Horst 47249 Linden- 58
– Ingrid 47179 Horn- 6
– Ingrid 47053 Musfeld- 79
– Ingrid 47279 Bissingheimer- 313
– Johannes 47269 Jasmin- 14
– Jürgen 47259 Bernkasteler- 28
Einwohner Namen-Teil
A-DU	Firmen, Gewerbebetriebe usw. nach Namen – siehe gelber Teil
